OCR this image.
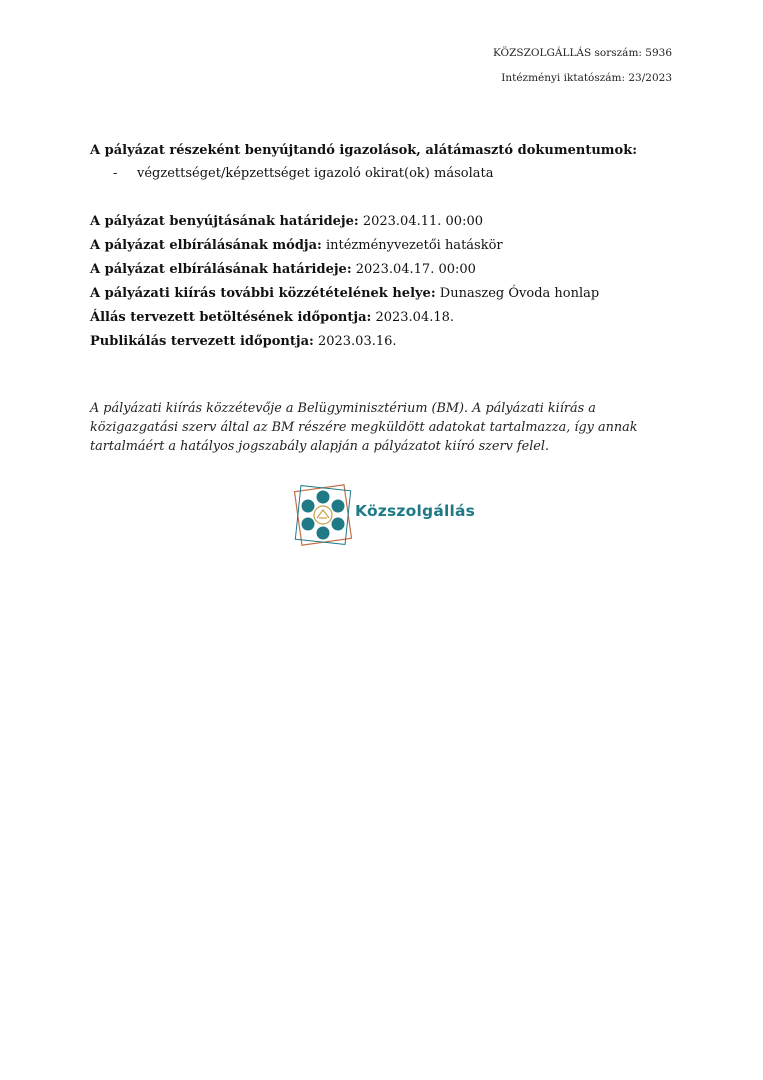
KÖZSZOLGÁLLÁS sorszám: 5936
Intézményi iktatószám: 23/2023
A pályázat részeként benyújtandó igazolások, alátámasztó dokumentumok:
- végzettséget/képzettséget igazoló okirat(ok) másolata
A pályázat benyújtásának határideje: 2023.04.11. 00:00
A pályázat elbírálásának módja: intézményvezetői hatáskör
A pályázat elbírálásának határideje: 2023.04.17. 00:00
A pályázati kiírás további közzétételének helye: Dunaszeg Óvoda honlap
Állás tervezett betöltésének időpontja: 2023.04.18.
Publikálás tervezett időpontja: 2023.03.16.
A pályázati kiírás közzétevője a Belügyminisztérium (BM). A pályázati kiírás a közigazgatási szerv által az BM részére megküldött adatokat tartalmazza, így annak tartalmáért a hatályos jogszabály alapján a pályázatot kiíró szerv felel.
Közszolgállás
